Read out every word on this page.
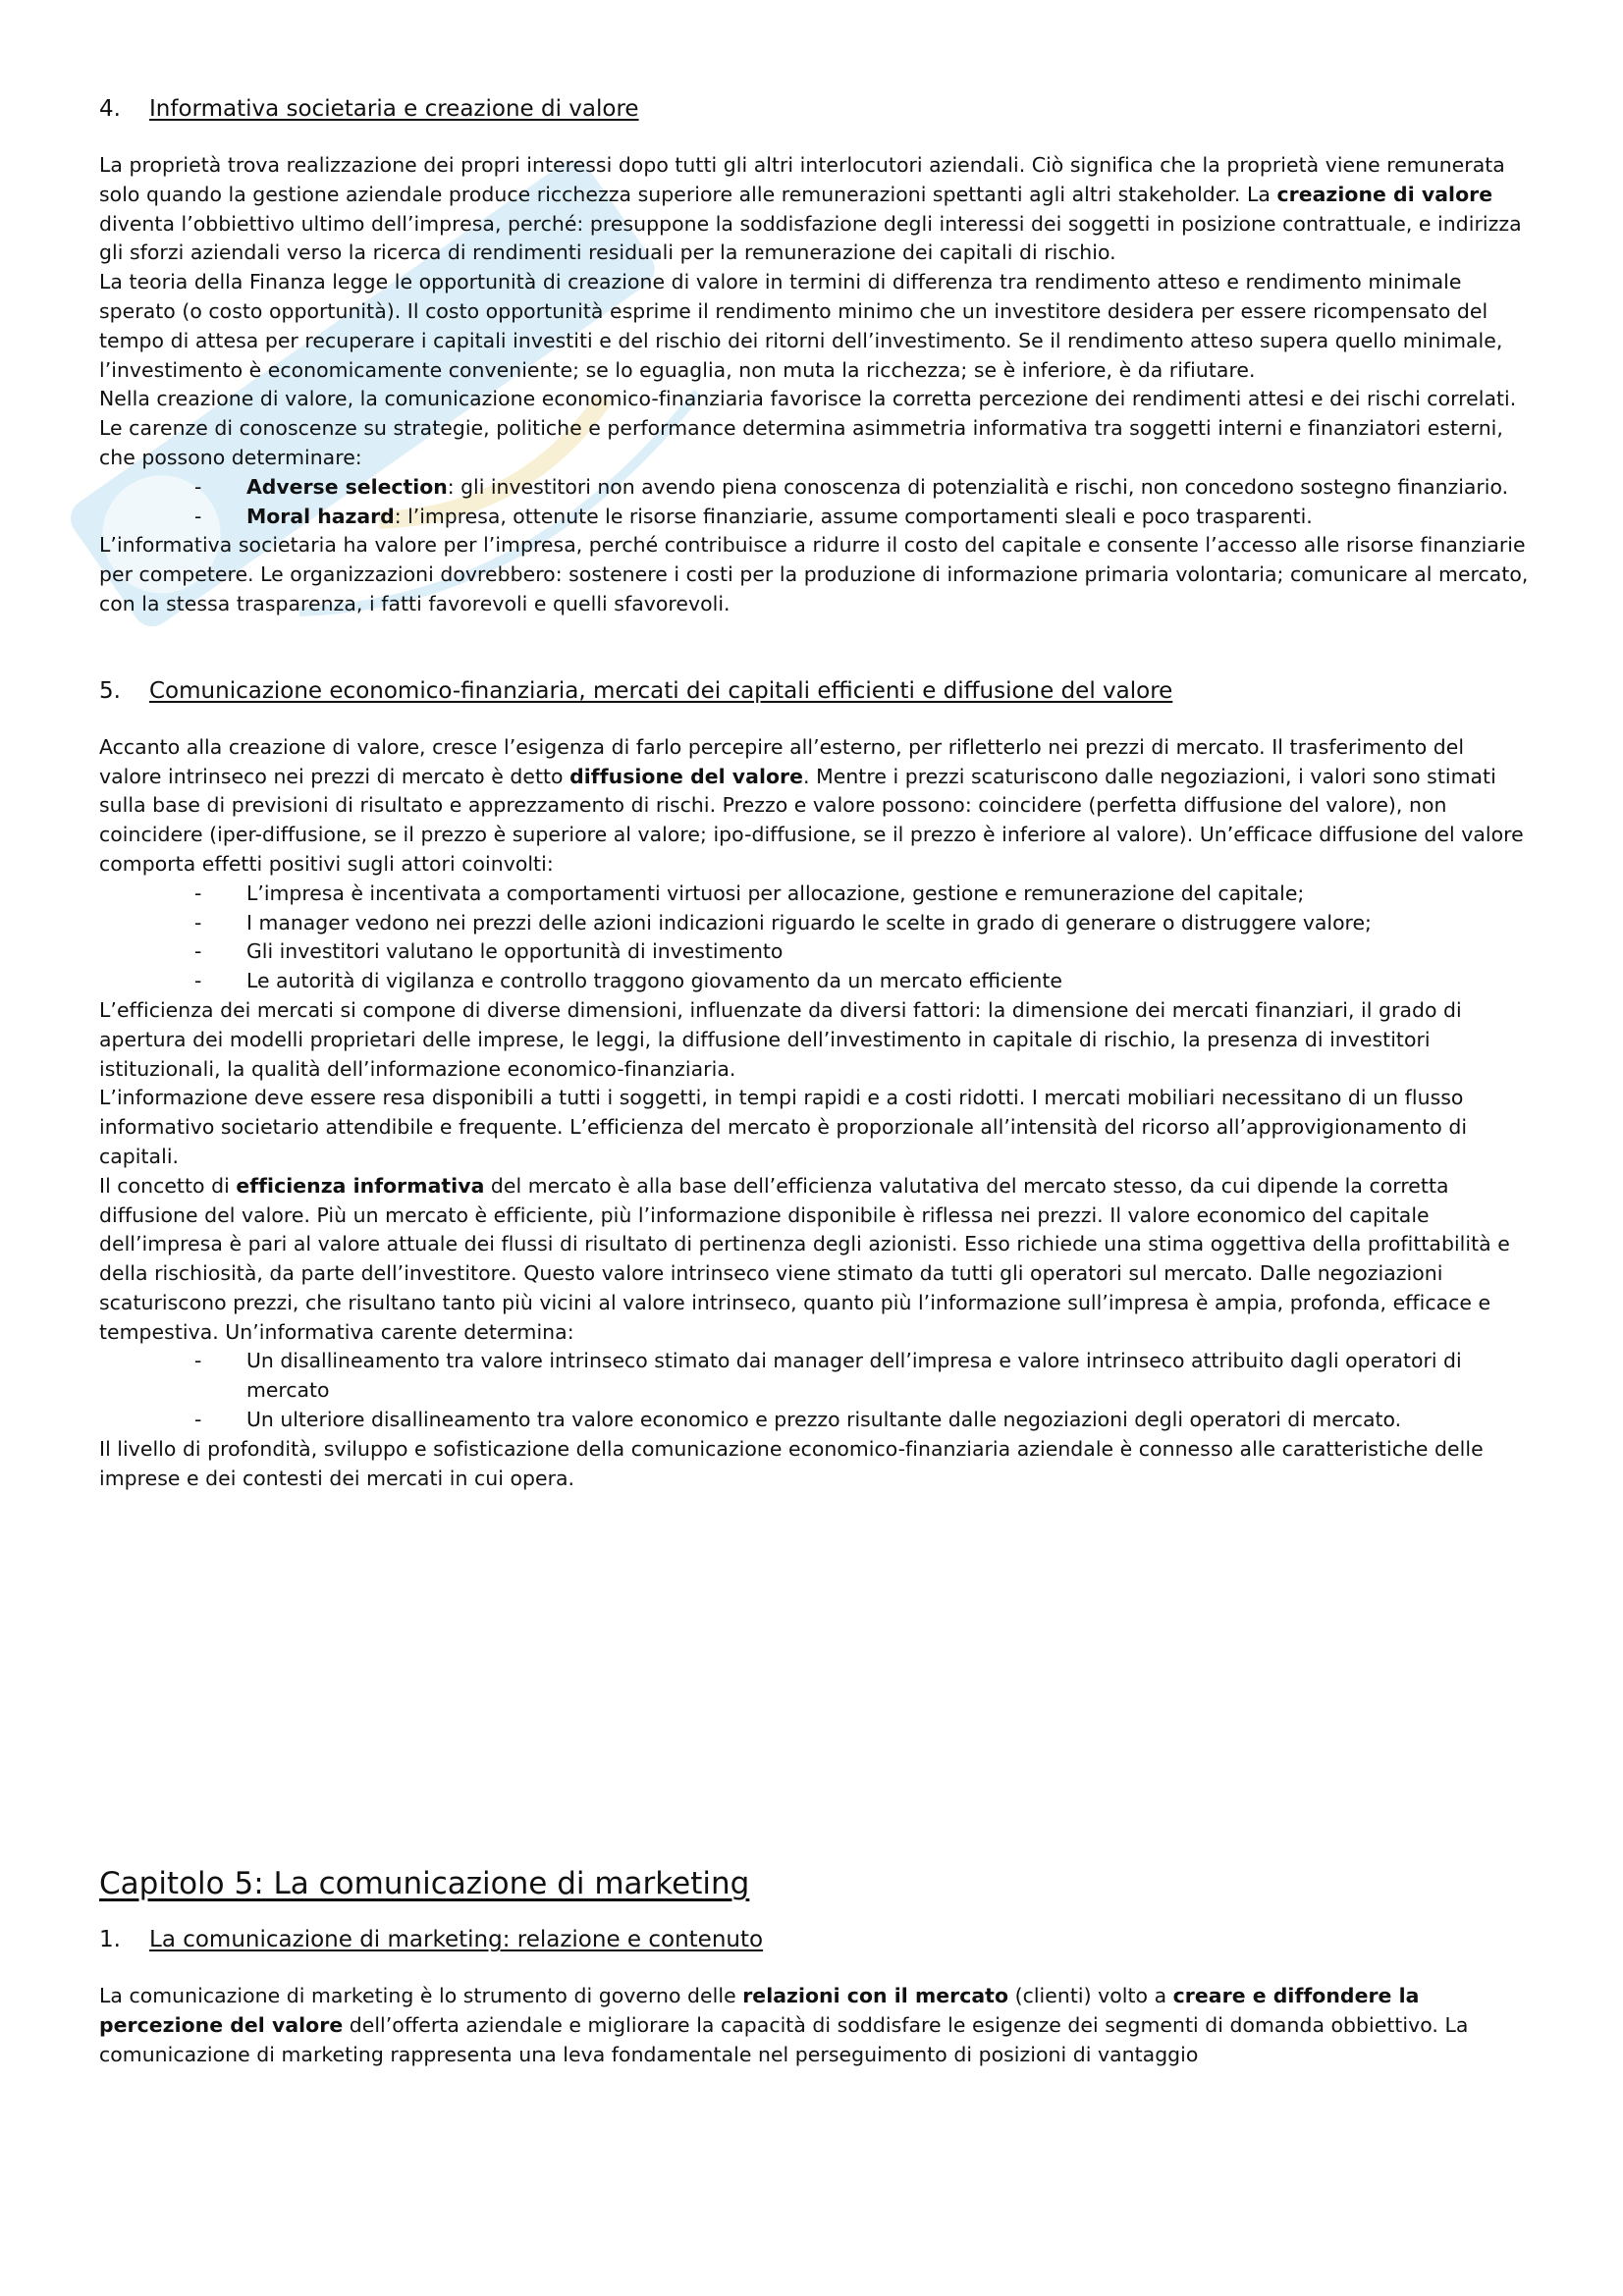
4. Informativa societaria e creazione di valore

La proprietà trova realizzazione dei propri interessi dopo tutti gli altri interlocutori aziendali. Ciò significa che la proprietà viene remunerata solo quando la gestione aziendale produce ricchezza superiore alle remunerazioni spettanti agli altri stakeholder. La creazione di valore diventa l’obbiettivo ultimo dell’impresa, perché: presuppone la soddisfazione degli interessi dei soggetti in posizione contrattuale, e indirizza gli sforzi aziendali verso la ricerca di rendimenti residuali per la remunerazione dei capitali di rischio.

La teoria della Finanza legge le opportunità di creazione di valore in termini di differenza tra rendimento atteso e rendimento minimale sperato (o costo opportunità). Il costo opportunità esprime il rendimento minimo che un investitore desidera per essere ricompensato del tempo di attesa per recuperare i capitali investiti e del rischio dei ritorni dell’investimento. Se il rendimento atteso supera quello minimale, l’investimento è economicamente conveniente; se lo eguaglia, non muta la ricchezza; se è inferiore, è da rifiutare.

Nella creazione di valore, la comunicazione economico-finanziaria favorisce la corretta percezione dei rendimenti attesi e dei rischi correlati. Le carenze di conoscenze su strategie, politiche e performance determina asimmetria informativa tra soggetti interni e finanziatori esterni, che possono determinare:

- Adverse selection: gli investitori non avendo piena conoscenza di potenzialità e rischi, non concedono sostegno finanziario.
- Moral hazard: l’impresa, ottenute le risorse finanziarie, assume comportamenti sleali e poco trasparenti.

L’informativa societaria ha valore per l’impresa, perché contribuisce a ridurre il costo del capitale e consente l’accesso alle risorse finanziarie per competere. Le organizzazioni dovrebbero: sostenere i costi per la produzione di informazione primaria volontaria; comunicare al mercato, con la stessa trasparenza, i fatti favorevoli e quelli sfavorevoli.

5. Comunicazione economico-finanziaria, mercati dei capitali efficienti e diffusione del valore

Accanto alla creazione di valore, cresce l’esigenza di farlo percepire all’esterno, per rifletterlo nei prezzi di mercato. Il trasferimento del valore intrinseco nei prezzi di mercato è detto diffusione del valore. Mentre i prezzi scaturiscono dalle negoziazioni, i valori sono stimati sulla base di previsioni di risultato e apprezzamento di rischi. Prezzo e valore possono: coincidere (perfetta diffusione del valore), non coincidere (iper-diffusione, se il prezzo è superiore al valore; ipo-diffusione, se il prezzo è inferiore al valore). Un’efficace diffusione del valore comporta effetti positivi sugli attori coinvolti:

- L’impresa è incentivata a comportamenti virtuosi per allocazione, gestione e remunerazione del capitale;
- I manager vedono nei prezzi delle azioni indicazioni riguardo le scelte in grado di generare o distruggere valore;
- Gli investitori valutano le opportunità di investimento
- Le autorità di vigilanza e controllo traggono giovamento da un mercato efficiente

L’efficienza dei mercati si compone di diverse dimensioni, influenzate da diversi fattori: la dimensione dei mercati finanziari, il grado di apertura dei modelli proprietari delle imprese, le leggi, la diffusione dell’investimento in capitale di rischio, la presenza di investitori istituzionali, la qualità dell’informazione economico-finanziaria.

L’informazione deve essere resa disponibili a tutti i soggetti, in tempi rapidi e a costi ridotti. I mercati mobiliari necessitano di un flusso informativo societario attendibile e frequente. L’efficienza del mercato è proporzionale all’intensità del ricorso all’approvigionamento di capitali.

Il concetto di efficienza informativa del mercato è alla base dell’efficienza valutativa del mercato stesso, da cui dipende la corretta diffusione del valore. Più un mercato è efficiente, più l’informazione disponibile è riflessa nei prezzi. Il valore economico del capitale dell’impresa è pari al valore attuale dei flussi di risultato di pertinenza degli azionisti. Esso richiede una stima oggettiva della profittabilità e della rischiosità, da parte dell’investitore. Questo valore intrinseco viene stimato da tutti gli operatori sul mercato. Dalle negoziazioni scaturiscono prezzi, che risultano tanto più vicini al valore intrinseco, quanto più l’informazione sull’impresa è ampia, profonda, efficace e tempestiva. Un’informativa carente determina:

- Un disallineamento tra valore intrinseco stimato dai manager dell’impresa e valore intrinseco attribuito dagli operatori di mercato
- Un ulteriore disallineamento tra valore economico e prezzo risultante dalle negoziazioni degli operatori di mercato.

Il livello di profondità, sviluppo e sofisticazione della comunicazione economico-finanziaria aziendale è connesso alle caratteristiche delle imprese e dei contesti dei mercati in cui opera.

Capitolo 5: La comunicazione di marketing
1. La comunicazione di marketing: relazione e contenuto

La comunicazione di marketing è lo strumento di governo delle relazioni con il mercato (clienti) volto a creare e diffondere la percezione del valore dell’offerta aziendale e migliorare la capacità di soddisfare le esigenze dei segmenti di domanda obbiettivo. La comunicazione di marketing rappresenta una leva fondamentale nel perseguimento di posizioni di vantaggio
